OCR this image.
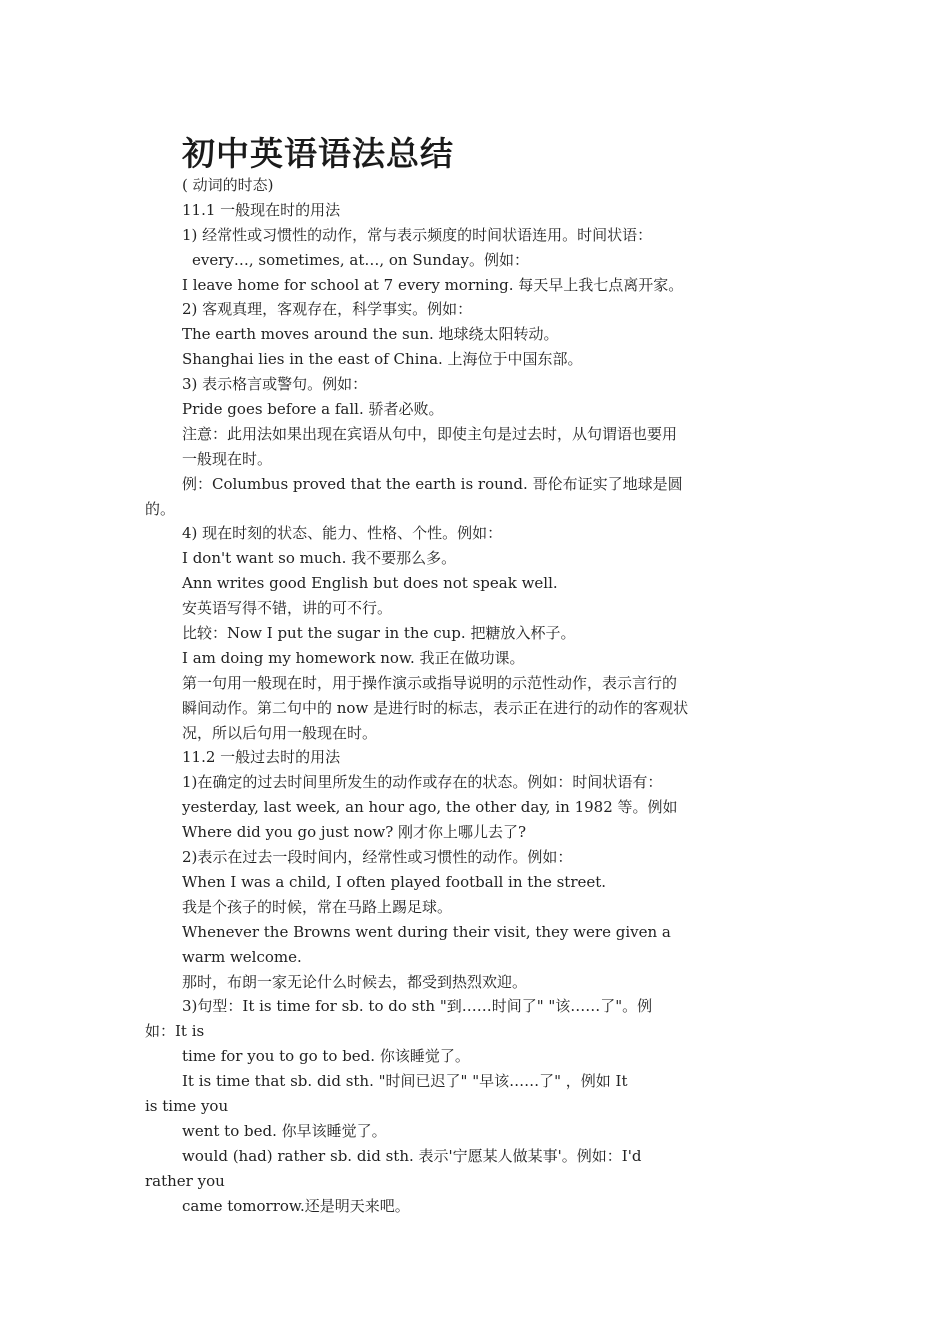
初中英语语法总结
( 动词的时态)
11.1 一般现在时的用法
1) 经常性或习惯性的动作，常与表示频度的时间状语连用。时间状语：
every…, sometimes, at…, on Sunday。例如：
I leave home for school at 7 every morning. 每天早上我七点离开家。
2) 客观真理，客观存在，科学事实。例如：
The earth moves around the sun. 地球绕太阳转动。
Shanghai lies in the east of China. 上海位于中国东部。
3) 表示格言或警句。例如：
Pride goes before a fall. 骄者必败。
注意：此用法如果出现在宾语从句中，即使主句是过去时，从句谓语也要用
一般现在时。
例：Columbus proved that the earth is round. 哥伦布证实了地球是圆
的。
4) 现在时刻的状态、能力、性格、个性。例如：
I don't want so much. 我不要那么多。
Ann writes good English but does not speak well.
安英语写得不错，讲的可不行。
比较：Now I put the sugar in the cup. 把糖放入杯子。
I am doing my homework now. 我正在做功课。
第一句用一般现在时，用于操作演示或指导说明的示范性动作，表示言行的
瞬间动作。第二句中的 now 是进行时的标志，表示正在进行的动作的客观状
况，所以后句用一般现在时。
11.2 一般过去时的用法
1)在确定的过去时间里所发生的动作或存在的状态。例如：时间状语有：
yesterday, last week, an hour ago, the other day, in 1982 等。例如
Where did you go just now? 刚才你上哪儿去了?
2)表示在过去一段时间内，经常性或习惯性的动作。例如：
When I was a child, I often played football in the street.
我是个孩子的时候，常在马路上踢足球。
Whenever the Browns went during their visit, they were given a
warm welcome.
那时，布朗一家无论什么时候去，都受到热烈欢迎。
3)句型：It is time for sb. to do sth "到……时间了" "该……了"。例
如：It is
time for you to go to bed. 你该睡觉了。
It is time that sb. did sth. "时间已迟了" "早该……了" ，例如 It
is time you
went to bed. 你早该睡觉了。
would (had) rather sb. did sth. 表示'宁愿某人做某事'。例如：I'd
rather you
came tomorrow.还是明天来吧。
